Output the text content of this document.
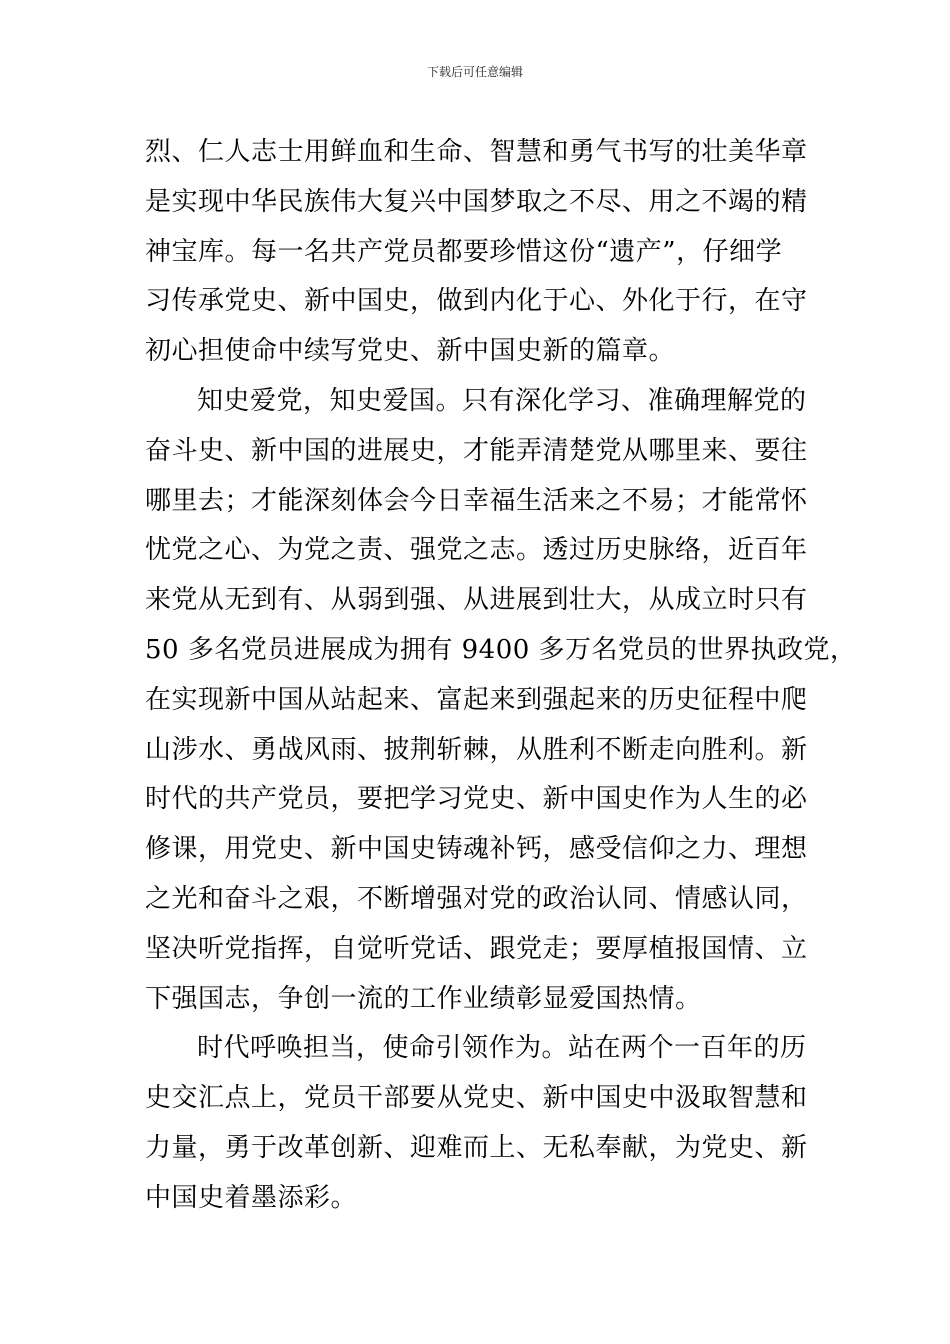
下载后可任意编辑
烈、仁人志士用鲜血和生命、智慧和勇气书写的壮美华章
是实现中华民族伟大复兴中国梦取之不尽、用之不竭的精
神宝库。每一名共产党员都要珍惜这份“遗产”，仔细学
习传承党史、新中国史，做到内化于心、外化于行，在守
初心担使命中续写党史、新中国史新的篇章。
知史爱党，知史爱国。只有深化学习、准确理解党的
奋斗史、新中国的进展史，才能弄清楚党从哪里来、要往
哪里去；才能深刻体会今日幸福生活来之不易；才能常怀
忧党之心、为党之责、强党之志。透过历史脉络，近百年
来党从无到有、从弱到强、从进展到壮大，从成立时只有
50 多名党员进展成为拥有 9400 多万名党员的世界执政党，
在实现新中国从站起来、富起来到强起来的历史征程中爬
山涉水、勇战风雨、披荆斩棘，从胜利不断走向胜利。新
时代的共产党员，要把学习党史、新中国史作为人生的必
修课，用党史、新中国史铸魂补钙，感受信仰之力、理想
之光和奋斗之艰，不断增强对党的政治认同、情感认同，
坚决听党指挥，自觉听党话、跟党走；要厚植报国情、立
下强国志，争创一流的工作业绩彰显爱国热情。
时代呼唤担当，使命引领作为。站在两个一百年的历
史交汇点上，党员干部要从党史、新中国史中汲取智慧和
力量，勇于改革创新、迎难而上、无私奉献，为党史、新
中国史着墨添彩。
